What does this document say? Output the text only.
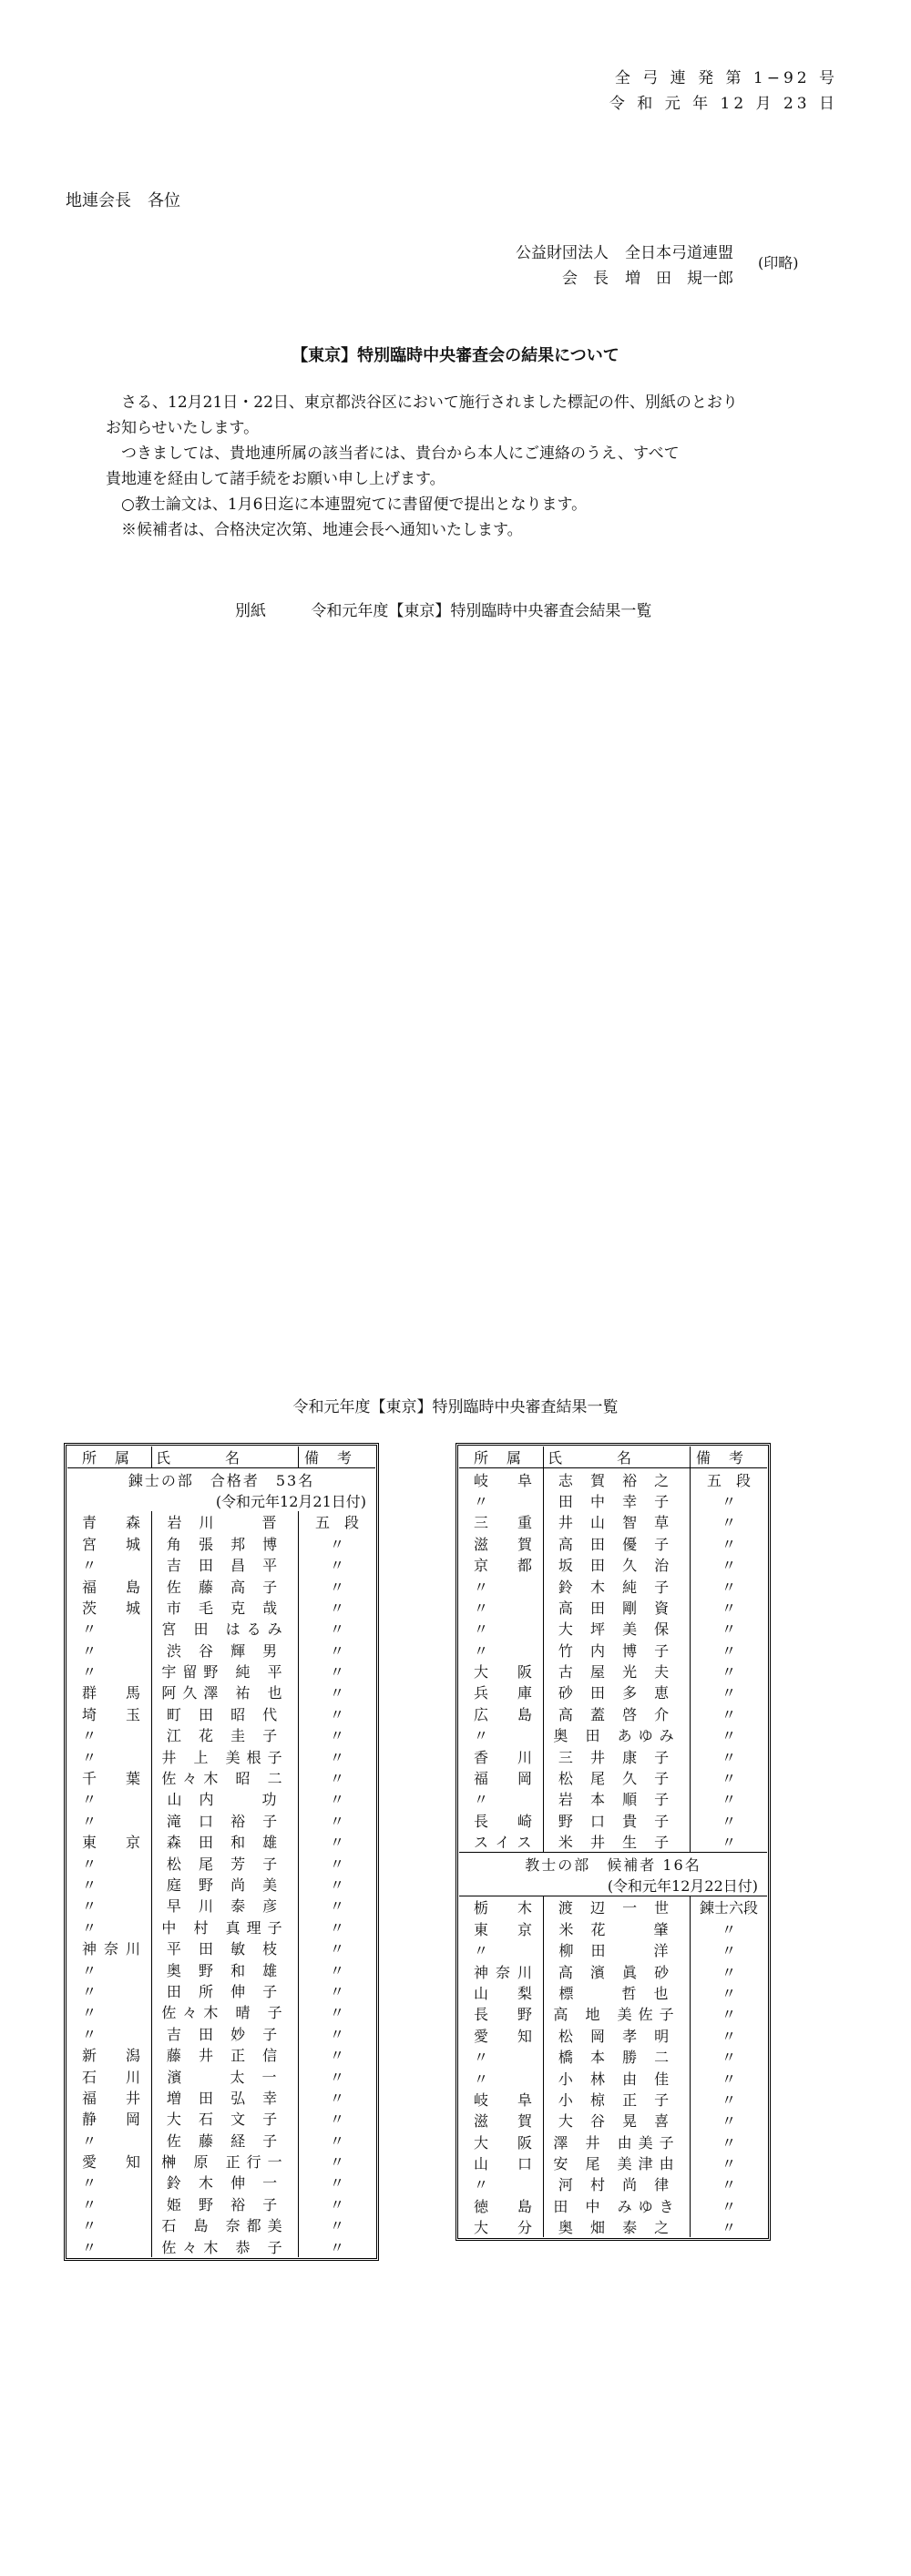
全 弓 連 発 第 1−92 号
令 和 元 年 12 月 23 日
地連会長　各位
公益財団法人	全日本弓道連盟
会　長	増　田　規一郎
(印略)
【東京】特別臨時中央審査会の結果について

　さる、12月21日・22日、東京都渋谷区において施行されました標記の件、別紙のとおり

お知らせいたします。

　つきましては、貴地連所属の該当者には、貴台から本人にご連絡のうえ、すべて

貴地連を経由して諸手続をお願い申し上げます。

　○教士論文は、1月6日迄に本連盟宛てに書留便で提出となります。

　※候補者は、合格決定次第、地連会長へ通知いたします。

別紙	令和元年度【東京】特別臨時中央審査会結果一覧
令和元年度【東京】特別臨時中央審査結果一覧
所属	氏名	備考
錬士の部　合格者　53名		
(令和元年12月21日付)		
青　森	岩 川　　晋	五　段
宮　城	角 張 邦 博	〃
〃	吉 田 昌 平	〃
福　島	佐 藤 高 子	〃
茨　城	市 毛 克 哉	〃
〃	宮 田 はるみ	〃
〃	渋 谷 輝 男	〃
〃	宇留野 純 平	〃
群　馬	阿久澤 祐 也	〃
埼　玉	町 田 昭 代	〃
〃	江 花 圭 子	〃
〃	井 上 美根子	〃
千　葉	佐々木 昭 二	〃
〃	山 内　　功	〃
〃	滝 口 裕 子	〃
東　京	森 田 和 雄	〃
〃	松 尾 芳 子	〃
〃	庭 野 尚 美	〃
〃	早 川 泰 彦	〃
〃	中 村 真理子	〃
神奈川	平 田 敏 枝	〃
〃	奥 野 和 雄	〃
〃	田 所 伸 子	〃
〃	佐々木 晴 子	〃
〃	吉 田 妙 子	〃
新　潟	藤 井 正 信	〃
石　川	濱　　太 一	〃
福　井	増 田 弘 幸	〃
静　岡	大 石 文 子	〃
〃	佐 藤 経 子	〃
愛　知	榊 原 正行一	〃
〃	鈴 木 伸 一	〃
〃	姫 野 裕 子	〃
〃	石 島 奈都美	〃
〃	佐々木 恭 子	〃
所属	氏名	備考
岐　阜	志 賀 裕 之	五　段
〃	田 中 幸 子	〃
三　重	井 山 智 草	〃
滋　賀	高 田 優 子	〃
京　都	坂 田 久 治	〃
〃	鈴 木 純 子	〃
〃	高 田 剛 資	〃
〃	大 坪 美 保	〃
〃	竹 内 博 子	〃
大　阪	古 屋 光 夫	〃
兵　庫	砂 田 多 恵	〃
広　島	高 蓋 啓 介	〃
〃	奥 田 あゆみ	〃
香　川	三 井 康 子	〃
福　岡	松 尾 久 子	〃
〃	岩 本 順 子	〃
長　崎	野 口 貴 子	〃
スイス	米 井 生 子	〃
教士の部　候補者 16名		
(令和元年12月22日付)		
栃　木	渡 辺 一 世	錬士六段
東　京	米 花　　肇	〃
〃	柳 田　　洋	〃
神奈川	高 濱 眞 砂	〃
山　梨	標　　哲 也	〃
長　野	高 地 美佐子	〃
愛　知	松 岡 孝 明	〃
〃	橋 本 勝 二	〃
〃	小 林 由 佳	〃
岐　阜	小 椋 正 子	〃
滋　賀	大 谷 晃 喜	〃
大　阪	澤 井 由美子	〃
山　口	安 尾 美津由	〃
〃	河 村 尚 律	〃
徳　島	田 中 みゆき	〃
大　分	奥 畑 泰 之	〃
